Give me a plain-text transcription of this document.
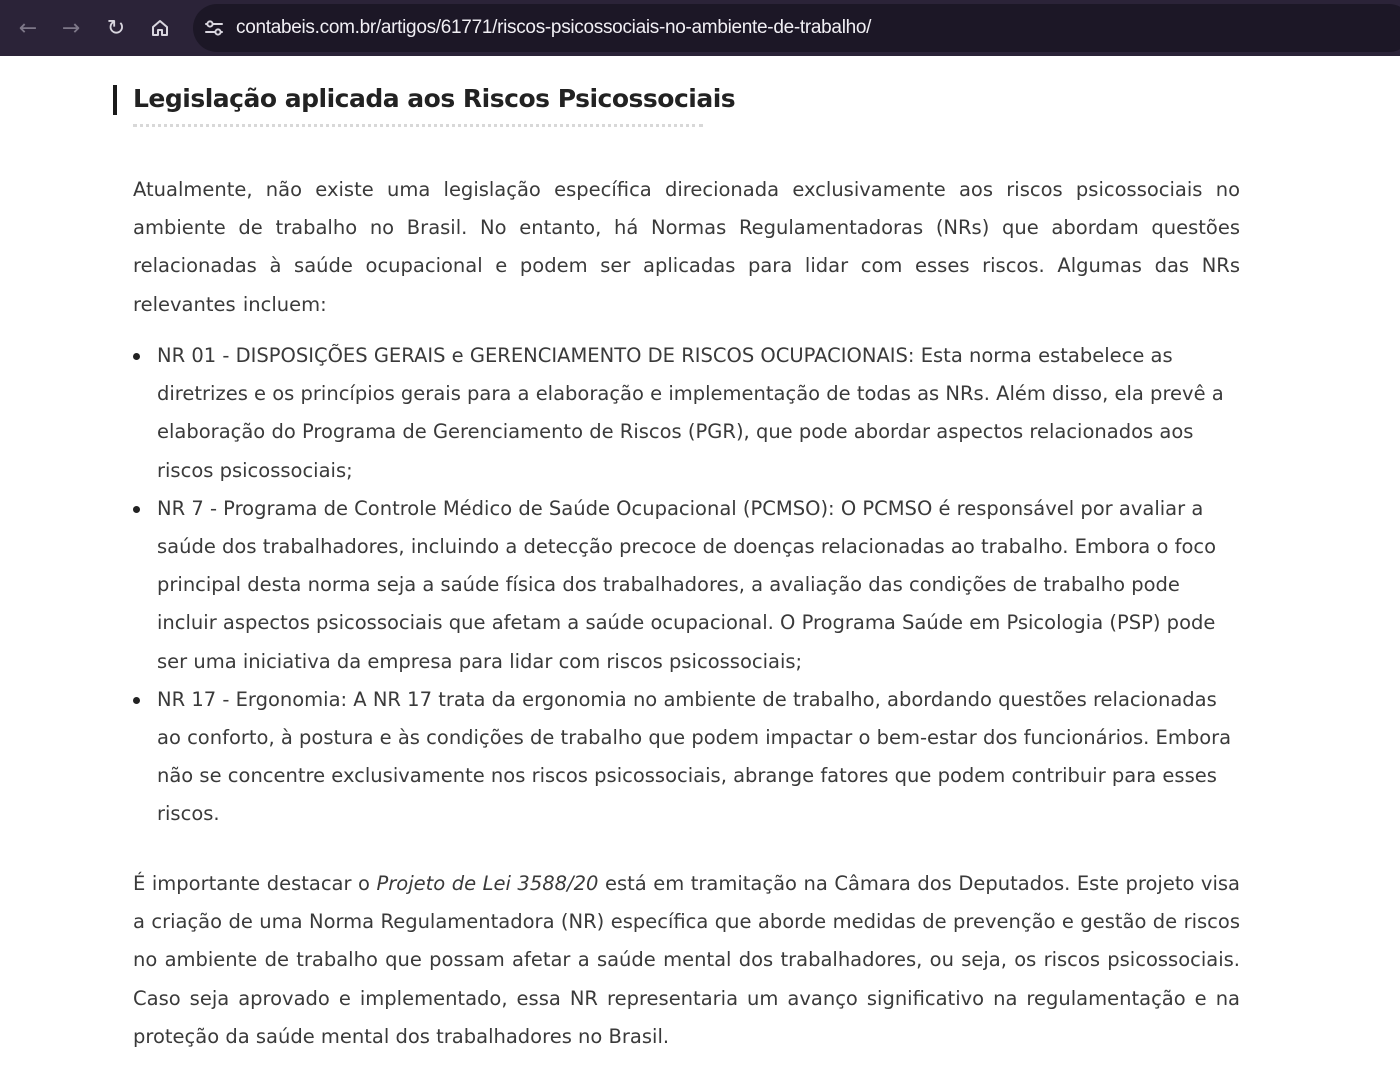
←	→	↻	contabeis.com.br/artigos/61771/riscos-psicossociais-no-ambiente-de-trabalho/
Legislação aplicada aos Riscos Psicossociais

Atualmente, não existe uma legislação específica direcionada exclusivamente aos riscos psicossociais no ambiente de trabalho no Brasil. No entanto, há Normas Regulamentadoras (NRs) que abordam questões relacionadas à saúde ocupacional e podem ser aplicadas para lidar com esses riscos. Algumas das NRs relevantes incluem:

NR 01 - DISPOSIÇÕES GERAIS e GERENCIAMENTO DE RISCOS OCUPACIONAIS: Esta norma estabelece as diretrizes e os princípios gerais para a elaboração e implementação de todas as NRs. Além disso, ela prevê a elaboração do Programa de Gerenciamento de Riscos (PGR), que pode abordar aspectos relacionados aos riscos psicossociais;
NR 7 - Programa de Controle Médico de Saúde Ocupacional (PCMSO): O PCMSO é responsável por avaliar a saúde dos trabalhadores, incluindo a detecção precoce de doenças relacionadas ao trabalho. Embora o foco principal desta norma seja a saúde física dos trabalhadores, a avaliação das condições de trabalho pode incluir aspectos psicossociais que afetam a saúde ocupacional. O Programa Saúde em Psicologia (PSP) pode ser uma iniciativa da empresa para lidar com riscos psicossociais;
NR 17 - Ergonomia: A NR 17 trata da ergonomia no ambiente de trabalho, abordando questões relacionadas ao conforto, à postura e às condições de trabalho que podem impactar o bem-estar dos funcionários. Embora não se concentre exclusivamente nos riscos psicossociais, abrange fatores que podem contribuir para esses riscos.

É importante destacar o Projeto de Lei 3588/20 está em tramitação na Câmara dos Deputados. Este projeto visa a criação de uma Norma Regulamentadora (NR) específica que aborde medidas de prevenção e gestão de riscos no ambiente de trabalho que possam afetar a saúde mental dos trabalhadores, ou seja, os riscos psicossociais. Caso seja aprovado e implementado, essa NR representaria um avanço significativo na regulamentação e na proteção da saúde mental dos trabalhadores no Brasil.
